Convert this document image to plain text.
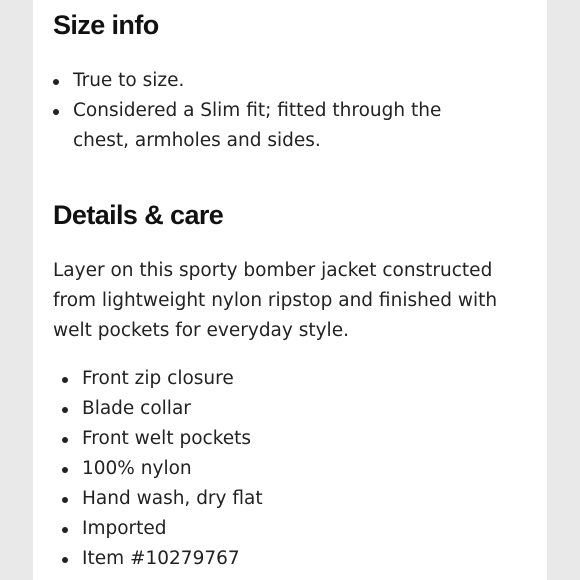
Size info
True to size.
Considered a Slim fit; fitted through the chest, armholes and sides.
Details & care

Layer on this sporty bomber jacket constructed from lightweight nylon ripstop and finished with welt pockets for everyday style.

Front zip closure
Blade collar
Front welt pockets
100% nylon
Hand wash, dry flat
Imported
Item #10279767
